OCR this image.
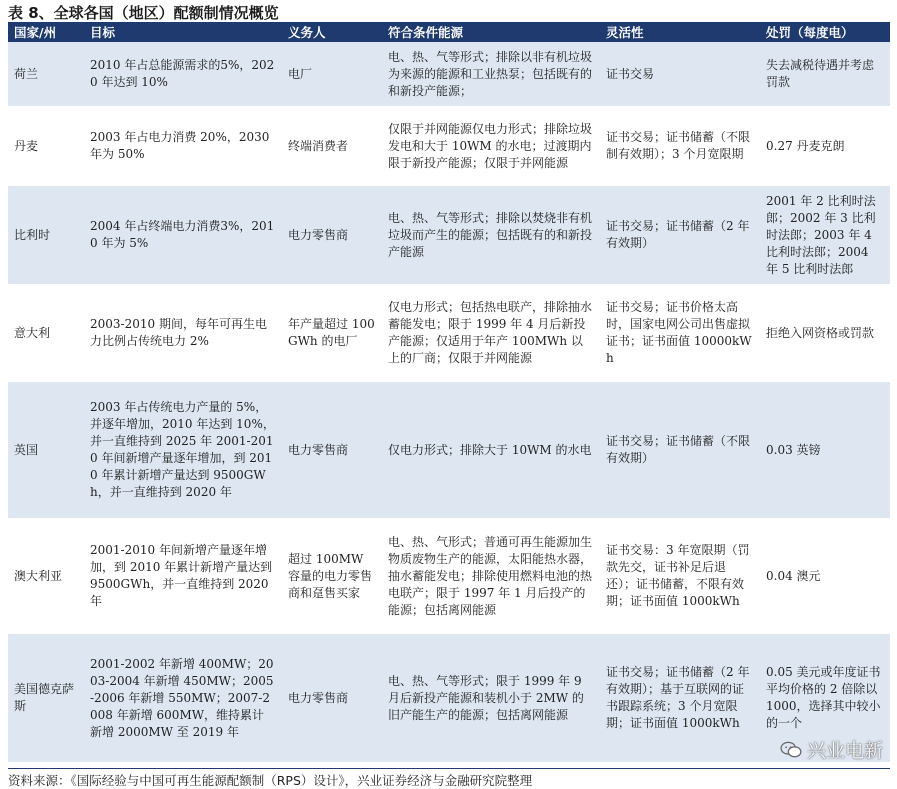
表 8、全球各国（地区）配额制情况概览
国家/州	目标	义务人	符合条件能源	灵活性	处罚（每度电）
荷兰	2010 年占总能源需求的5%，2020 年达到 10%	电厂	电、热、气等形式；排除以非有机垃圾为来源的能源和工业热泵；包括既有的和新投产能源；	证书交易	失去减税待遇并考虑罚款
丹麦	2003 年占电力消费 20%，2030 年为 50%	终端消费者	仅限于并网能源仅电力形式；排除垃圾发电和大于 10WM 的水电；过渡期内限于新投产能源；仅限于并网能源	证书交易；证书储蓄（不限制有效期）；3 个月宽限期	0.27 丹麦克朗
比利时	2004 年占终端电力消费3%，2010 年为 5%	电力零售商	电、热、气等形式；排除以焚烧非有机垃圾而产生的能源；包括既有的和新投产能源	证书交易；证书储蓄（2 年有效期）	2001 年 2 比利时法郎；2002 年 3 比利时法郎；2003 年 4 比利时法郎；2004 年 5 比利时法郎
意大利	2003-2010 期间，每年可再生电力比例占传统电力 2%	年产量超过 100GWh 的电厂	仅电力形式；包括热电联产，排除抽水蓄能发电；限于 1999 年 4 月后新投产能源；仅适用于年产 100MWh 以上的厂商；仅限于并网能源	证书交易；证书价格太高时，国家电网公司出售虚拟证书；证书面值 10000kWh	拒绝入网资格或罚款
英国	2003 年占传统电力产量的 5%，并逐年增加，2010 年达到 10%，并一直维持到 2025 年 2001-2010 年间新增产量逐年增加，到 2010 年累计新增产量达到 9500GWh，并一直维持到 2020 年	电力零售商	仅电力形式；排除大于 10WM 的水电	证书交易；证书储蓄（不限有效期）	0.03 英镑
澳大利亚	2001-2010 年间新增产量逐年增加，到 2010 年累计新增产量达到 9500GWh，并一直维持到 2020 年	超过 100MW 容量的电力零售商和趸售买家	电、热、气形式；普通可再生能源加生物质废物生产的能源，太阳能热水器，抽水蓄能发电；排除使用燃料电池的热电联产；限于 1997 年 1 月后投产的能源；包括离网能源	证书交易：3 年宽限期（罚款先交，证书补足后退还）；证书储蓄，不限有效期；证书面值 1000kWh	0.04 澳元
美国德克萨斯	2001-2002 年新增 400MW；2003-2004 年新增 450MW；2005-2006 年新增 550MW；2007-2008 年新增 600MW，维持累计新增 2000MW 至 2019 年	电力零售商	电、热、气等形式；限于 1999 年 9 月后新投产能源和装机小于 2MW 的旧产能生产的能源；包括离网能源	证书交易；证书储蓄（2 年有效期）；基于互联网的证书跟踪系统；3 个月宽限期；证书面值 1000kWh	0.05 美元或年度证书平均价格的 2 倍除以 1000，选择其中较小的一个
兴业电新
资料来源：《国际经验与中国可再生能源配额制（RPS）设计》，兴业证券经济与金融研究院整理
